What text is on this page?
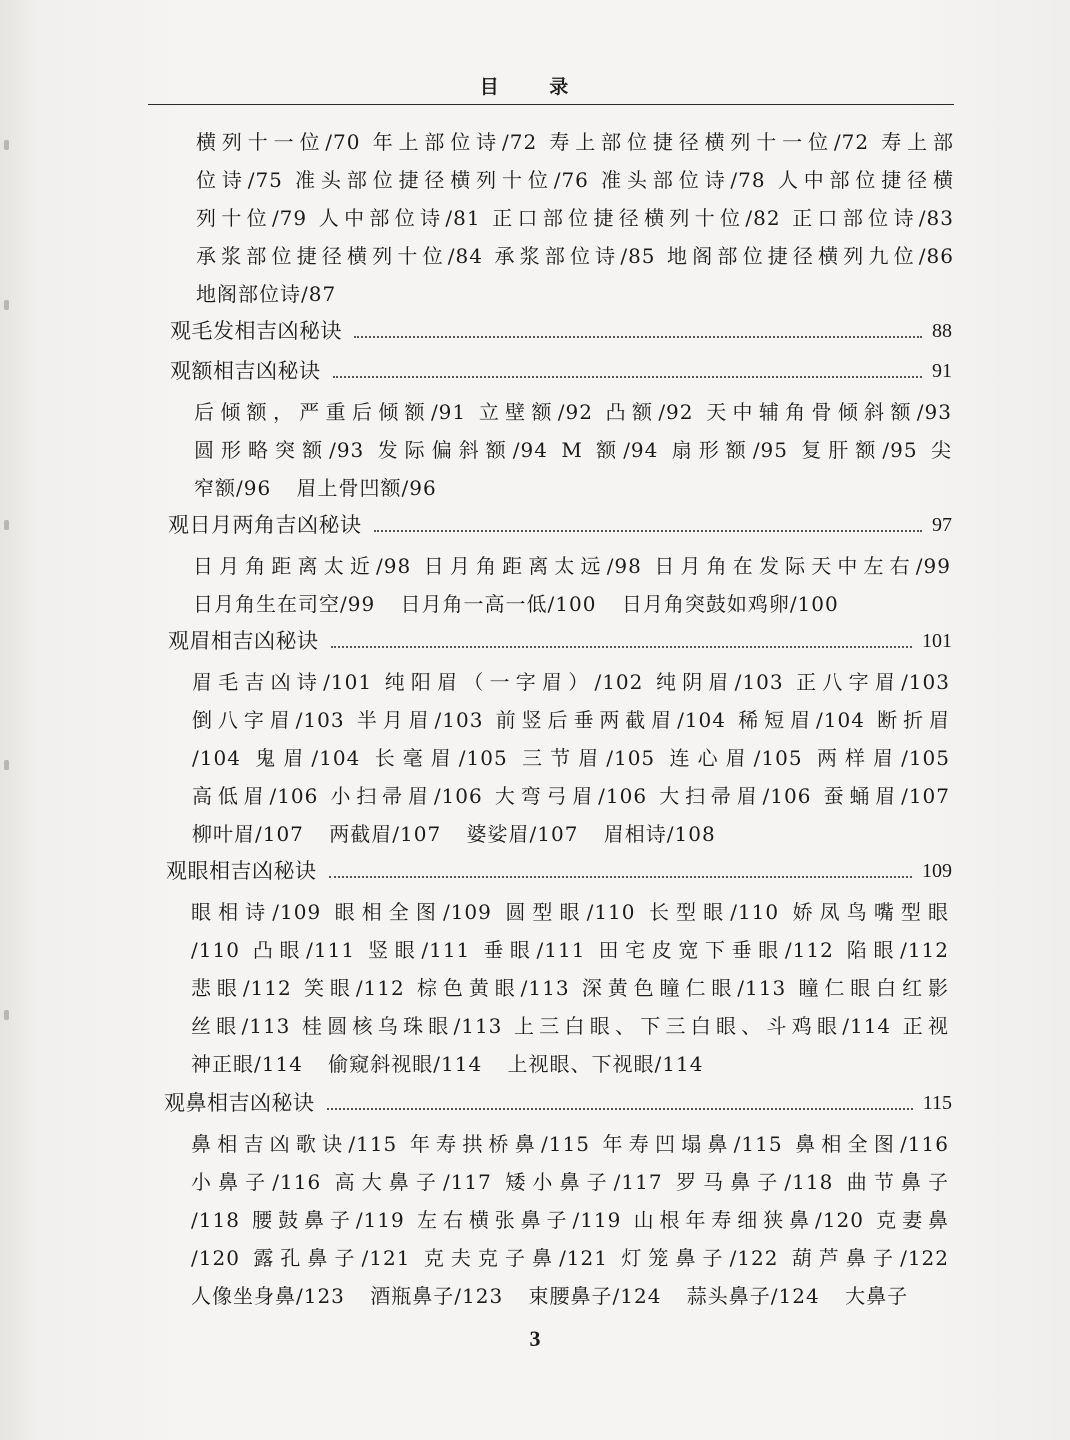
目 录
横列十一位/70 年上部位诗/72 寿上部位捷径横列十一位/72 寿上部
位诗/75 准头部位捷径横列十位/76 准头部位诗/78 人中部位捷径横
列十位/79 人中部位诗/81 正口部位捷径横列十位/82 正口部位诗/83
承浆部位捷径横列十位/84 承浆部位诗/85 地阁部位捷径横列九位/86
地阁部位诗/87
观毛发相吉凶秘诀	88
观额相吉凶秘诀	91
后倾额，严重后倾额/91 立壁额/92 凸额/92 天中辅角骨倾斜额/93
圆形略突额/93 发际偏斜额/94 M 额/94 扇形额/95 复肝额/95 尖
窄额/96 眉上骨凹额/96
观日月两角吉凶秘诀	97
日月角距离太近/98 日月角距离太远/98 日月角在发际天中左右/99
日月角生在司空/99 日月角一高一低/100 日月角突鼓如鸡卵/100
观眉相吉凶秘诀	101
眉毛吉凶诗/101 纯阳眉（一字眉）/102 纯阴眉/103 正八字眉/103
倒八字眉/103 半月眉/103 前竖后垂两截眉/104 稀短眉/104 断折眉
/104 鬼眉/104 长毫眉/105 三节眉/105 连心眉/105 两样眉/105
高低眉/106 小扫帚眉/106 大弯弓眉/106 大扫帚眉/106 蚕蛹眉/107
柳叶眉/107 两截眉/107 婆娑眉/107 眉相诗/108
观眼相吉凶秘诀	109
眼相诗/109 眼相全图/109 圆型眼/110 长型眼/110 娇凤鸟嘴型眼
/110 凸眼/111 竖眼/111 垂眼/111 田宅皮宽下垂眼/112 陷眼/112
悲眼/112 笑眼/112 棕色黄眼/113 深黄色瞳仁眼/113 瞳仁眼白红影
丝眼/113 桂圆核乌珠眼/113 上三白眼、下三白眼、斗鸡眼/114 正视
神正眼/114 偷窥斜视眼/114 上视眼、下视眼/114
观鼻相吉凶秘诀	115
鼻相吉凶歌诀/115 年寿拱桥鼻/115 年寿凹塌鼻/115 鼻相全图/116
小鼻子/116 高大鼻子/117 矮小鼻子/117 罗马鼻子/118 曲节鼻子
/118 腰鼓鼻子/119 左右横张鼻子/119 山根年寿细狭鼻/120 克妻鼻
/120 露孔鼻子/121 克夫克子鼻/121 灯笼鼻子/122 葫芦鼻子/122
人像坐身鼻/123 酒瓶鼻子/123 束腰鼻子/124 蒜头鼻子/124 大鼻子
3
